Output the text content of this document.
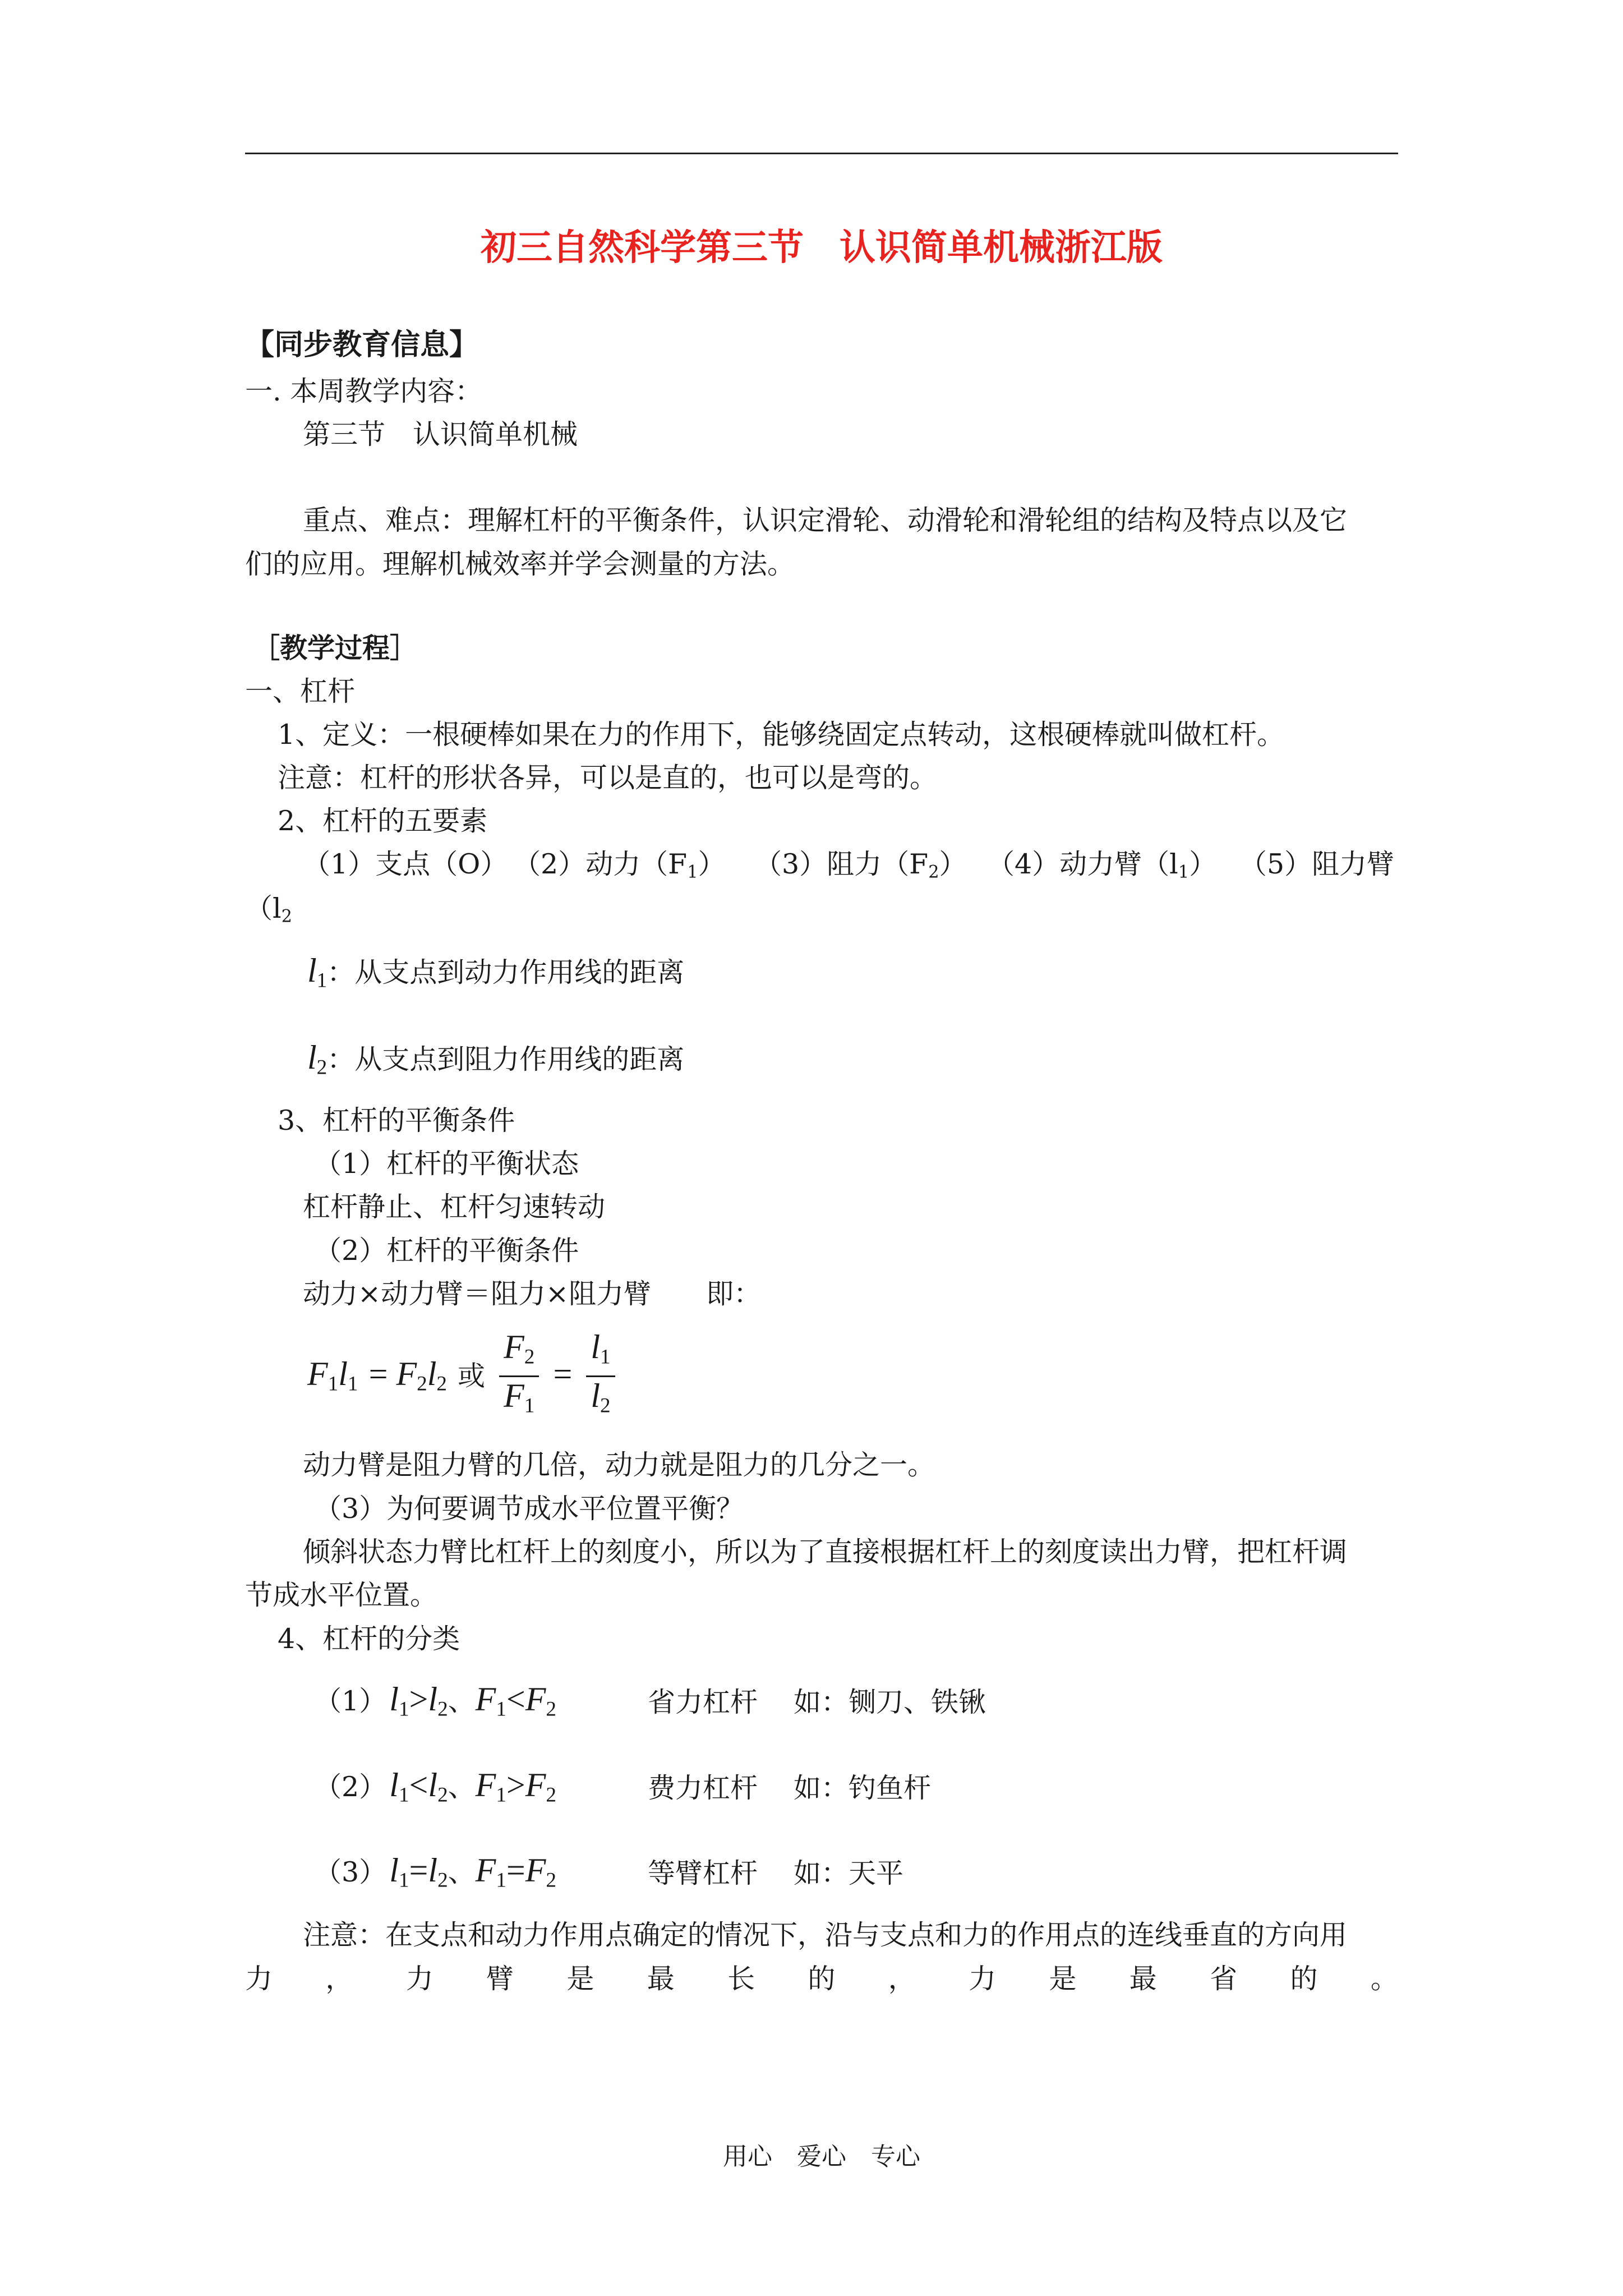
初三自然科学第三节　认识简单机械浙江版
【同步教育信息】
一. 本周教学内容：
第三节　认识简单机械
重点、难点：理解杠杆的平衡条件，认识定滑轮、动滑轮和滑轮组的结构及特点以及它
们的应用。理解机械效率并学会测量的方法。
［教学过程］
一、杠杆
1、定义：一根硬棒如果在力的作用下，能够绕固定点转动，这根硬棒就叫做杠杆。
注意：杠杆的形状各异，可以是直的，也可以是弯的。
2、杠杆的五要素
（1）支点（O） （2）动力$(F_1)$ （3）阻力$(F_2)$ （4）动力臂$(l_1)$ （5）阻力臂
（$l_2$
$l_1$：从支点到动力作用线的距离
$l_2$：从支点到阻力作用线的距离
3、杠杆的平衡条件
（1）杠杆的平衡状态
杠杆静止、杠杆匀速转动
（2）杠杆的平衡条件
动力×动力臂＝阻力×阻力臂　　即：
$F_1l_1 = F_2l_2$ 或 $\frac{F_2}{F_1} = \frac{l_1}{l_2}$
动力臂是阻力臂的几倍，动力就是阻力的几分之一。
（3）为何要调节成水平位置平衡？
倾斜状态力臂比杠杆上的刻度小，所以为了直接根据杠杆上的刻度读出力臂，把杠杆调
节成水平位置。
4、杠杆的分类
（1） $l_1>l_2$、$F_1<F_2$	省力杠杆 如：铡刀、铁锹
（2） $l_1<l_2$、$F_1>F_2$	费力杠杆 如：钓鱼杆
（3） $l_1=l_2$、$F_1=F_2$	等臂杠杆 如：天平
注意：在支点和动力作用点确定的情况下，沿与支点和力的作用点的连线垂直的方向用
力 ， 力 臂 是 最 长 的 ， 力 是 最 省 的 。
用心　爱心　专心
